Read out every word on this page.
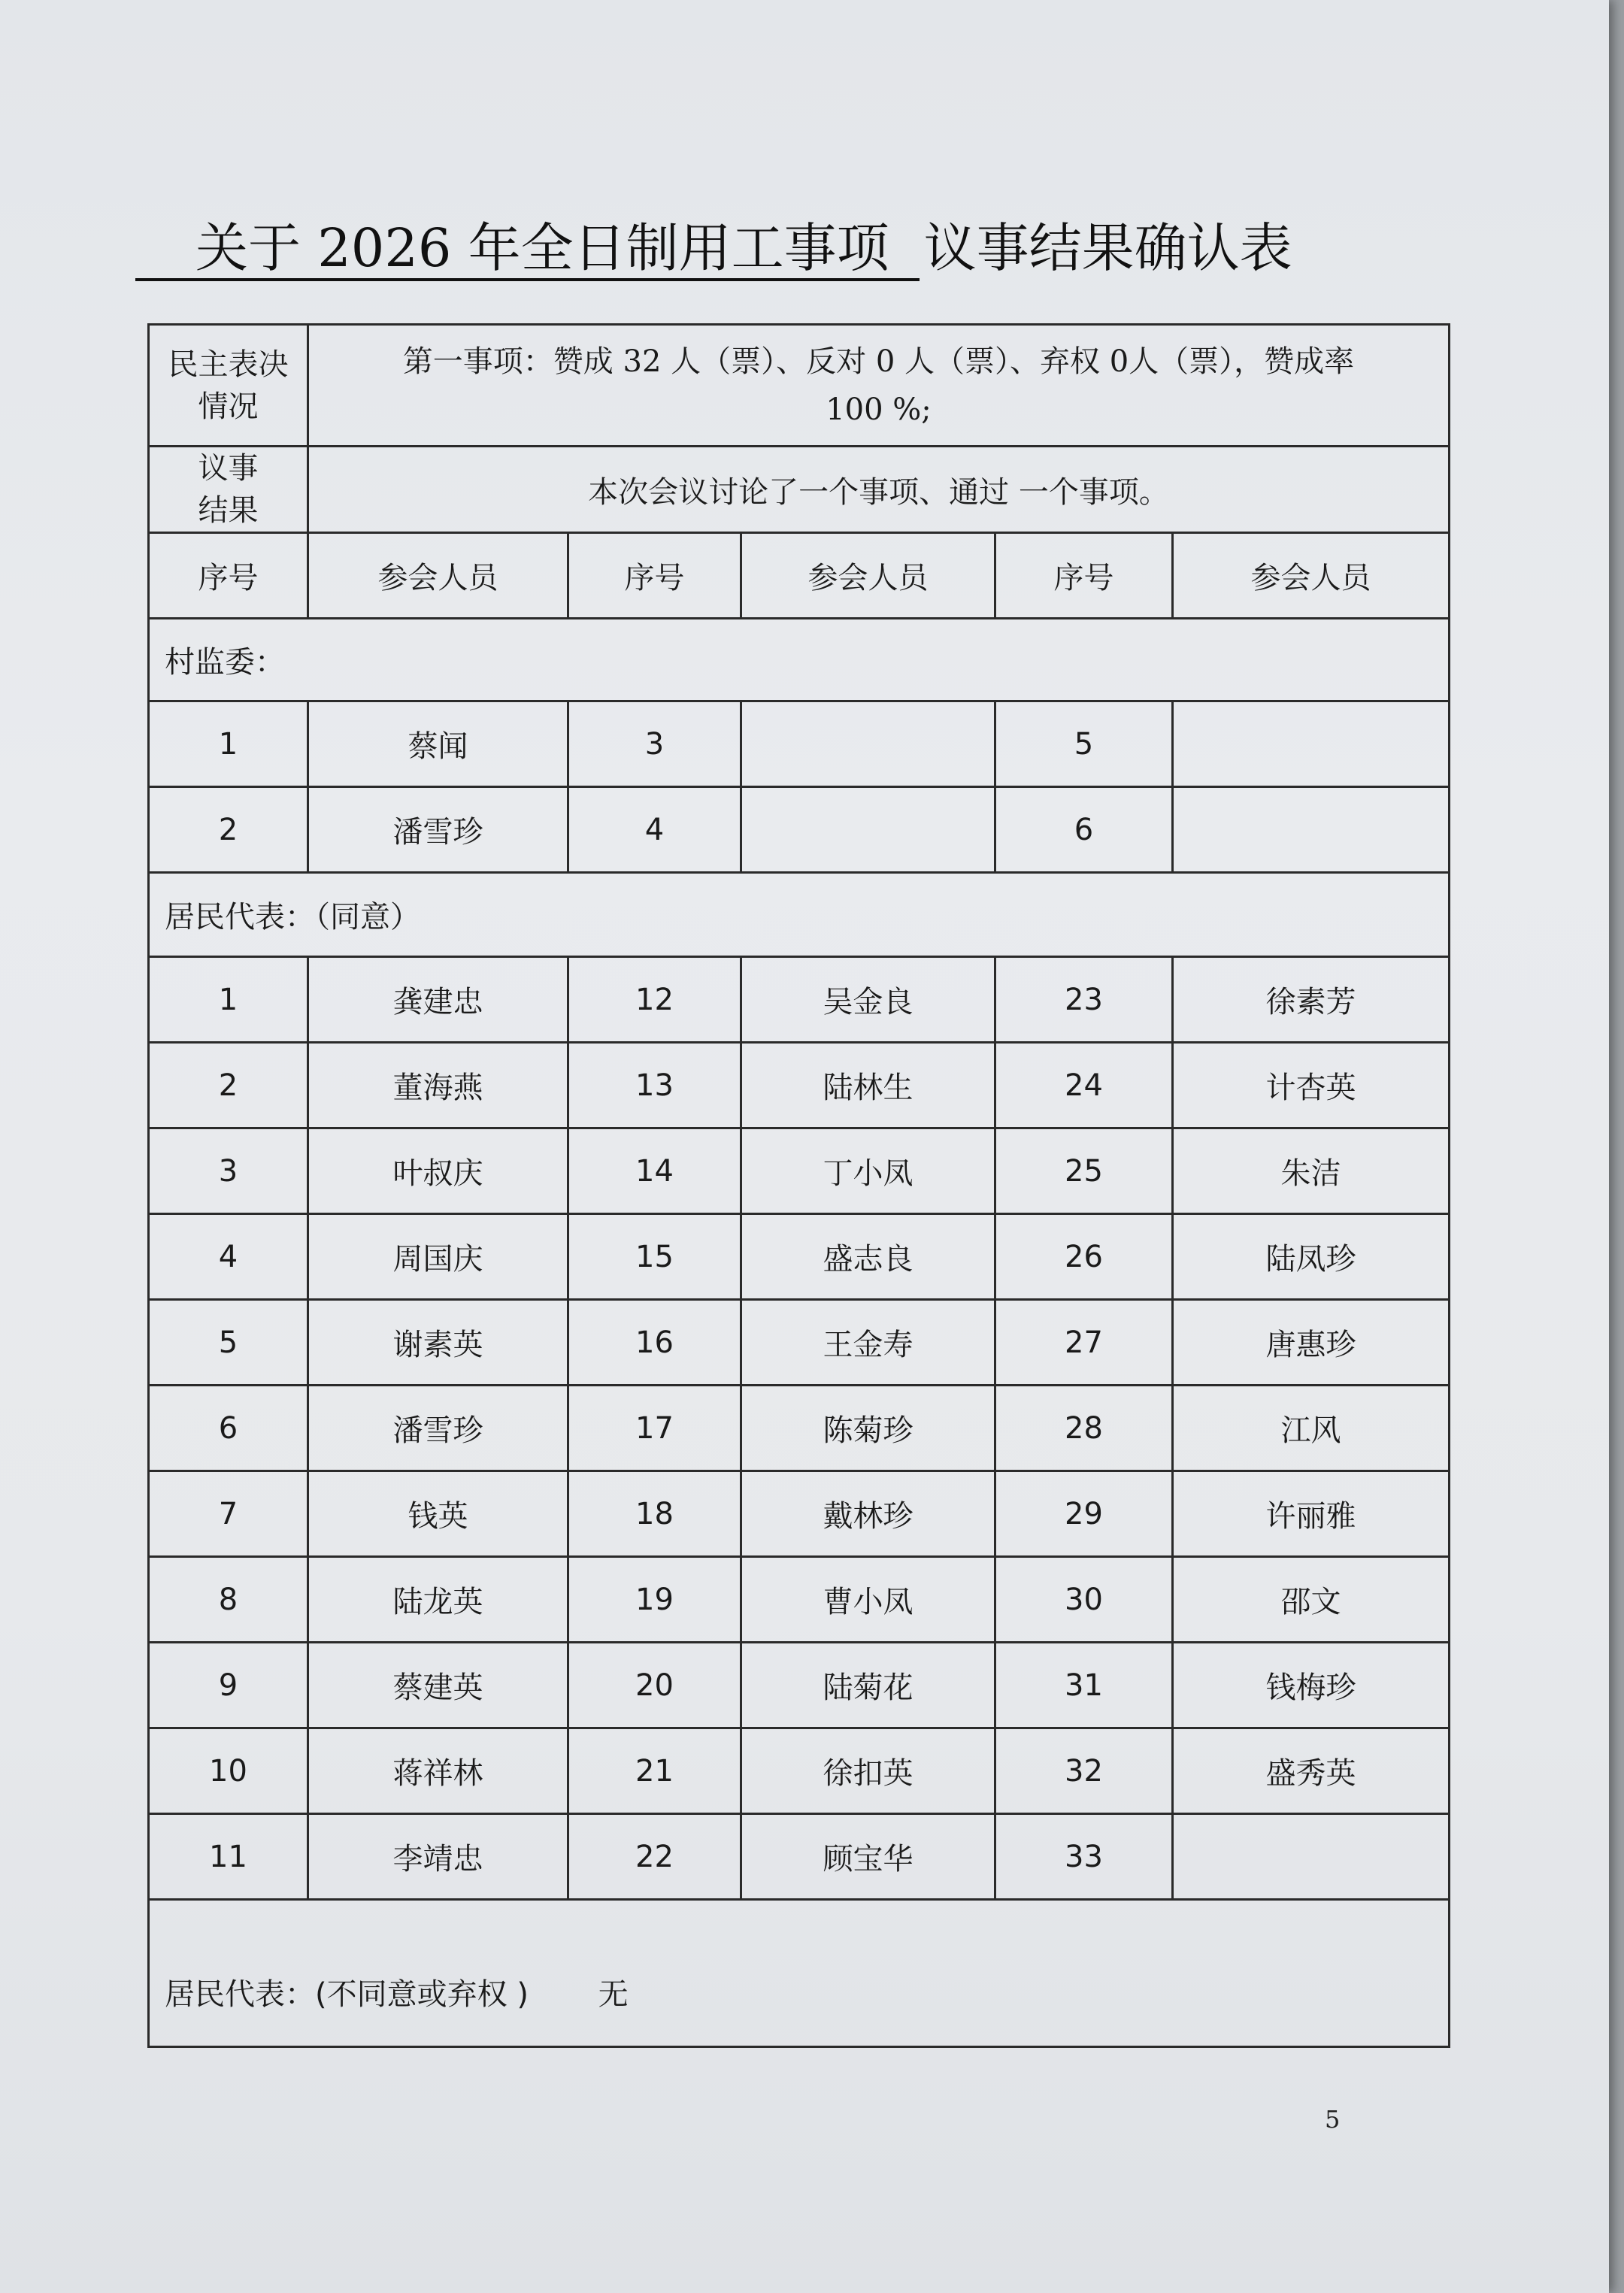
关于 2026 年全日制用工事项 议事结果确认表
民主表决情况	第一事项：赞成 32 人（票）、反对 0 人（票）、弃权 0人（票），赞成率
100 %;				

议事结果	本次会议讨论了一个事项、通过 一个事项。				
序号	参会人员	序号	参会人员	序号	参会人员
村监委：					
1	蔡闻	3		5	
2	潘雪珍	4		6	
居民代表：（同意）					
1	龚建忠	12	吴金良	23	徐素芳
2	董海燕	13	陆林生	24	计杏英
3	叶叔庆	14	丁小凤	25	朱洁
4	周国庆	15	盛志良	26	陆凤珍
5	谢素英	16	王金寿	27	唐惠珍
6	潘雪珍	17	陈菊珍	28	江风
7	钱英	18	戴林珍	29	许丽雅
8	陆龙英	19	曹小凤	30	邵文
9	蔡建英	20	陆菊花	31	钱梅珍
10	蒋祥林	21	徐扣英	32	盛秀英
11	李靖忠	22	顾宝华	33	
居民代表：(不同意或弃权 ) 无					
5
